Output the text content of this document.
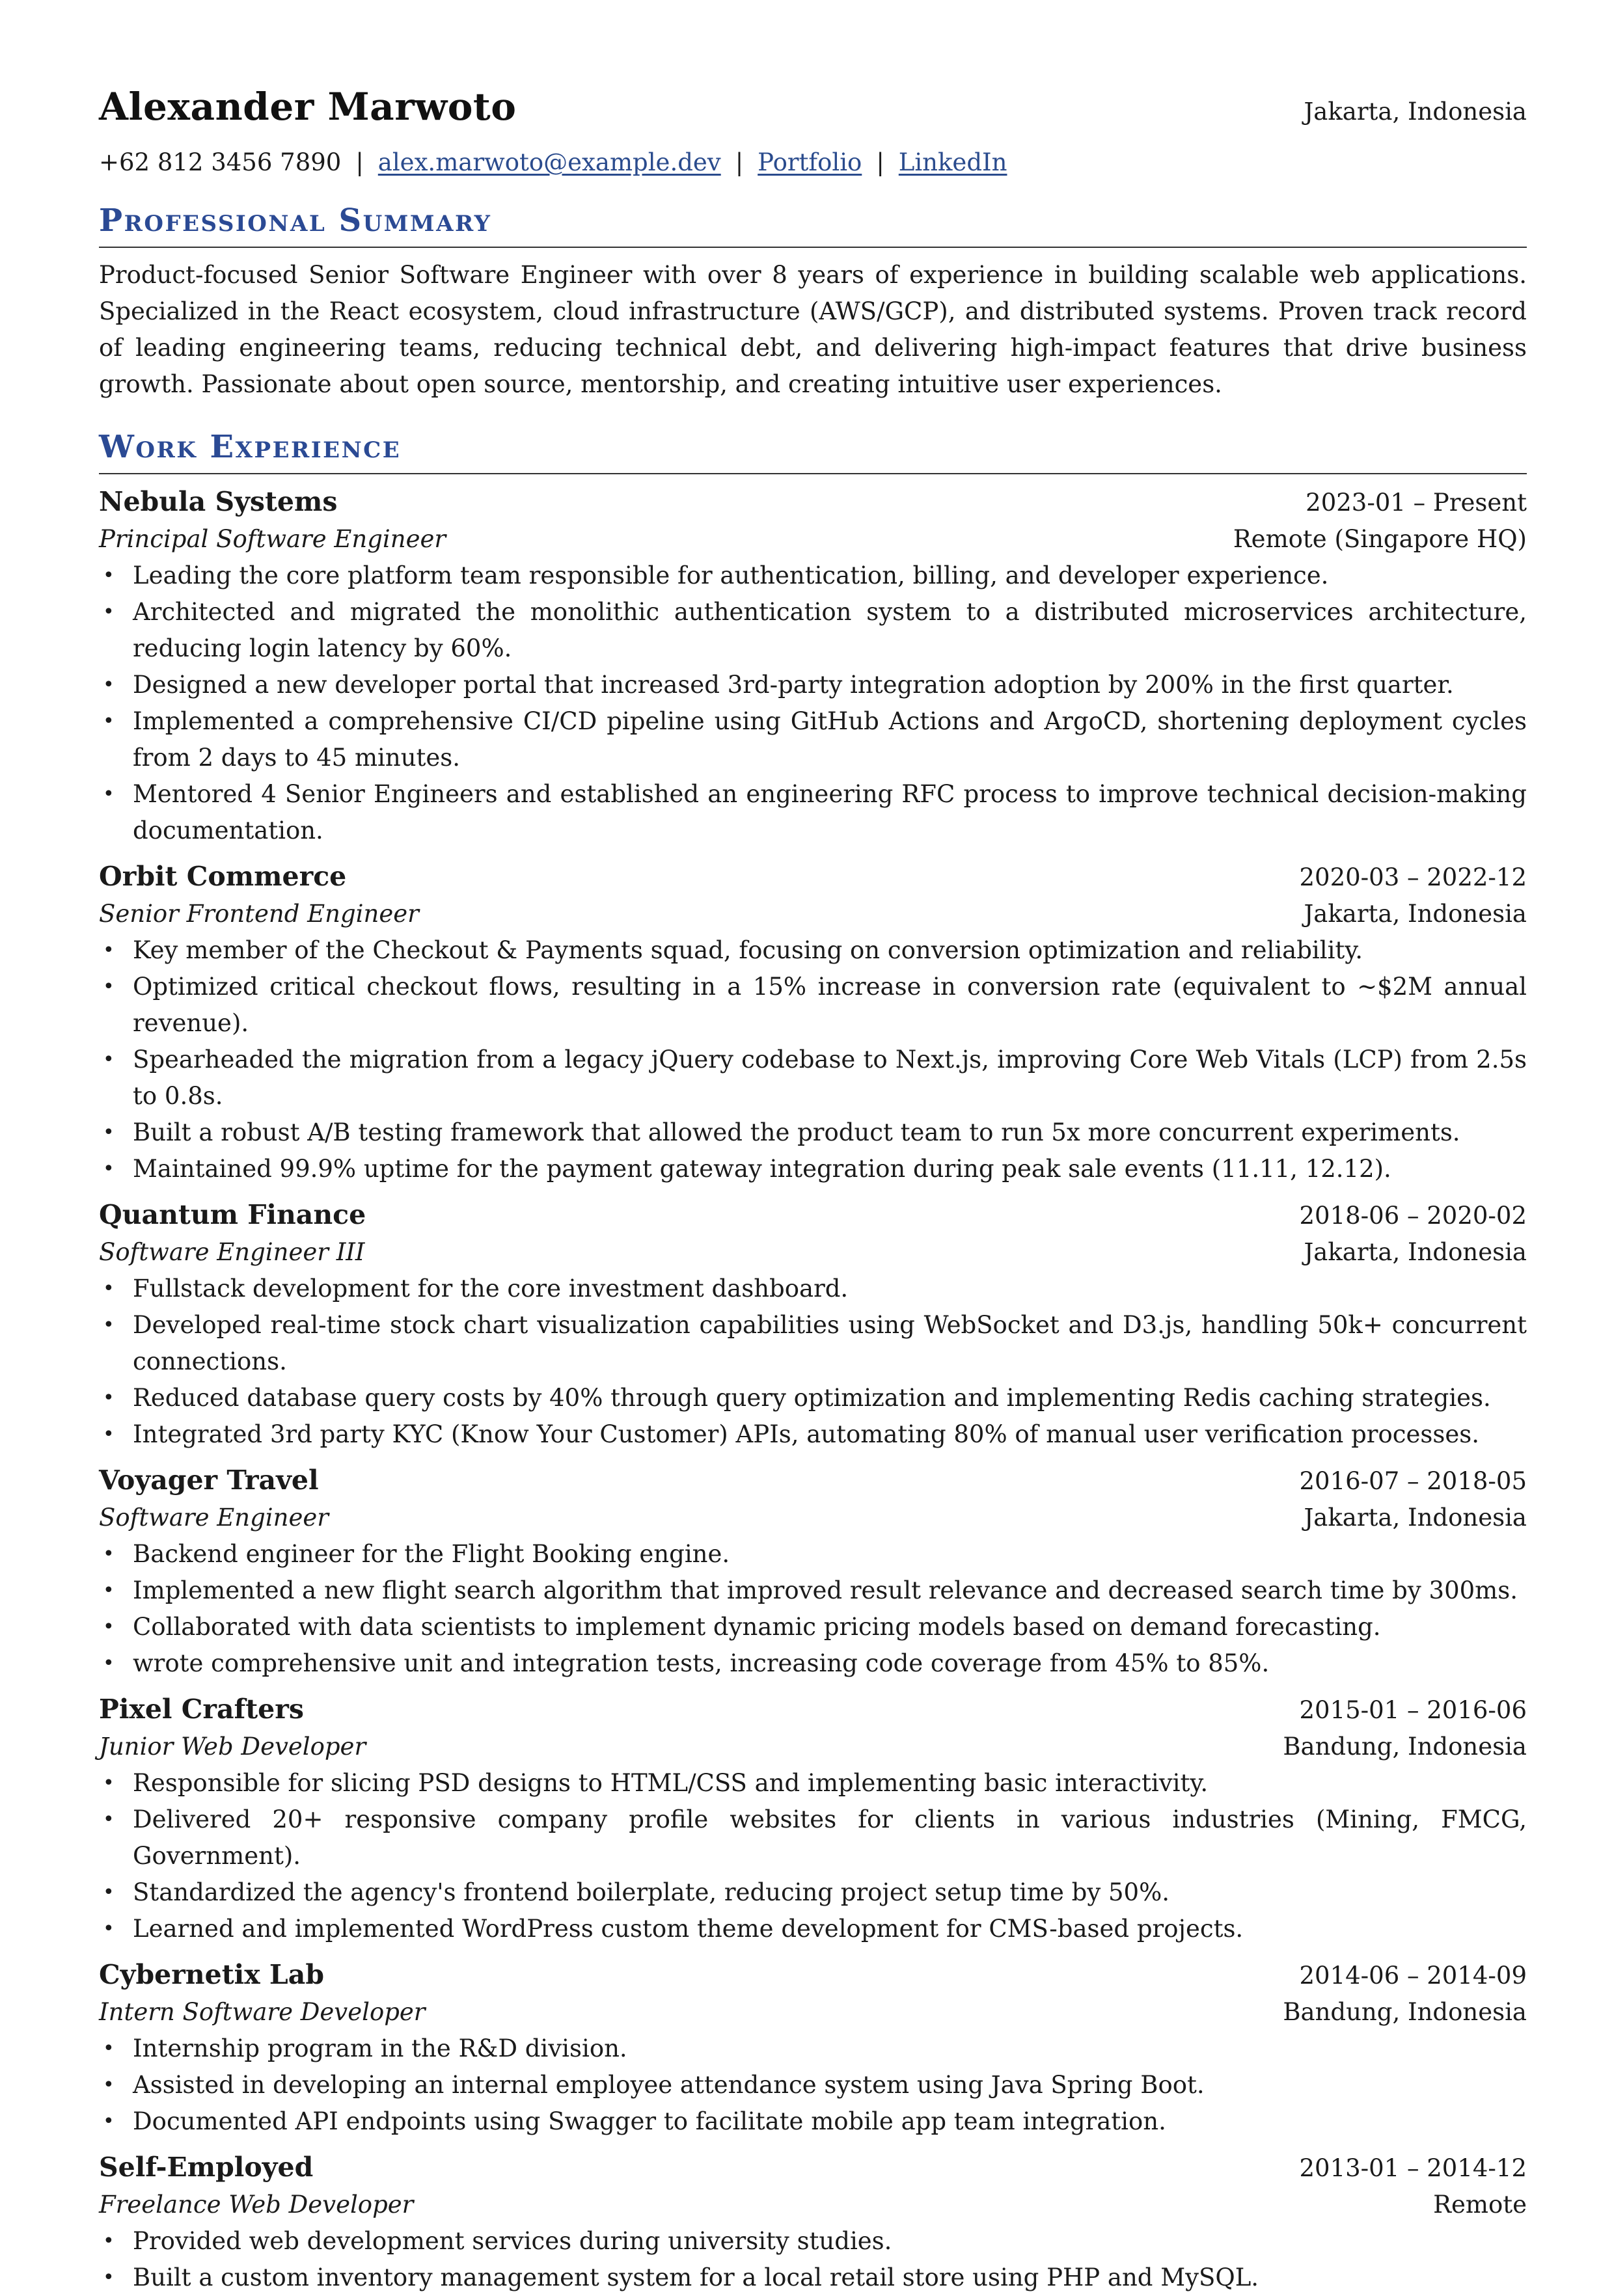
Alexander Marwoto	Jakarta, Indonesia
+62 812 3456 7890 | alex.marwoto@example.dev | Portfolio | LinkedIn
Professional Summary
Product-focused Senior Software Engineer with over 8 years of experience in building scalable web applications. Specialized in the React ecosystem, cloud infrastructure (AWS/GCP), and distributed systems. Proven track record of leading engineering teams, reducing technical debt, and delivering high-impact features that drive business growth. Passionate about open source, mentorship, and creating intuitive user experiences.
Work Experience
Nebula Systems	2023-01 – Present
Principal Software Engineer	Remote (Singapore HQ)
• Leading the core platform team responsible for authentication, billing, and developer experience.
• Architected and migrated the monolithic authentication system to a distributed microservices architecture, reducing login latency by 60%.
• Designed a new developer portal that increased 3rd-party integration adoption by 200% in the first quarter.
• Implemented a comprehensive CI/CD pipeline using GitHub Actions and ArgoCD, shortening deployment cycles from 2 days to 45 minutes.
• Mentored 4 Senior Engineers and established an engineering RFC process to improve technical decision-making documentation.
Orbit Commerce	2020-03 – 2022-12
Senior Frontend Engineer	Jakarta, Indonesia
• Key member of the Checkout & Payments squad, focusing on conversion optimization and reliability.
• Optimized critical checkout flows, resulting in a 15% increase in conversion rate (equivalent to ~$2M annual revenue).
• Spearheaded the migration from a legacy jQuery codebase to Next.js, improving Core Web Vitals (LCP) from 2.5s to 0.8s.
• Built a robust A/B testing framework that allowed the product team to run 5x more concurrent experiments.
• Maintained 99.9% uptime for the payment gateway integration during peak sale events (11.11, 12.12).
Quantum Finance	2018-06 – 2020-02
Software Engineer III	Jakarta, Indonesia
• Fullstack development for the core investment dashboard.
• Developed real-time stock chart visualization capabilities using WebSocket and D3.js, handling 50k+ concurrent connections.
• Reduced database query costs by 40% through query optimization and implementing Redis caching strategies.
• Integrated 3rd party KYC (Know Your Customer) APIs, automating 80% of manual user verification processes.
Voyager Travel	2016-07 – 2018-05
Software Engineer	Jakarta, Indonesia
• Backend engineer for the Flight Booking engine.
• Implemented a new flight search algorithm that improved result relevance and decreased search time by 300ms.
• Collaborated with data scientists to implement dynamic pricing models based on demand forecasting.
• wrote comprehensive unit and integration tests, increasing code coverage from 45% to 85%.
Pixel Crafters	2015-01 – 2016-06
Junior Web Developer	Bandung, Indonesia
• Responsible for slicing PSD designs to HTML/CSS and implementing basic interactivity.
• Delivered 20+ responsive company profile websites for clients in various industries (Mining, FMCG, Government).
• Standardized the agency's frontend boilerplate, reducing project setup time by 50%.
• Learned and implemented WordPress custom theme development for CMS-based projects.
Cybernetix Lab	2014-06 – 2014-09
Intern Software Developer	Bandung, Indonesia
• Internship program in the R&D division.
• Assisted in developing an internal employee attendance system using Java Spring Boot.
• Documented API endpoints using Swagger to facilitate mobile app team integration.
Self-Employed	2013-01 – 2014-12
Freelance Web Developer	Remote
• Provided web development services during university studies.
• Built a custom inventory management system for a local retail store using PHP and MySQL.
